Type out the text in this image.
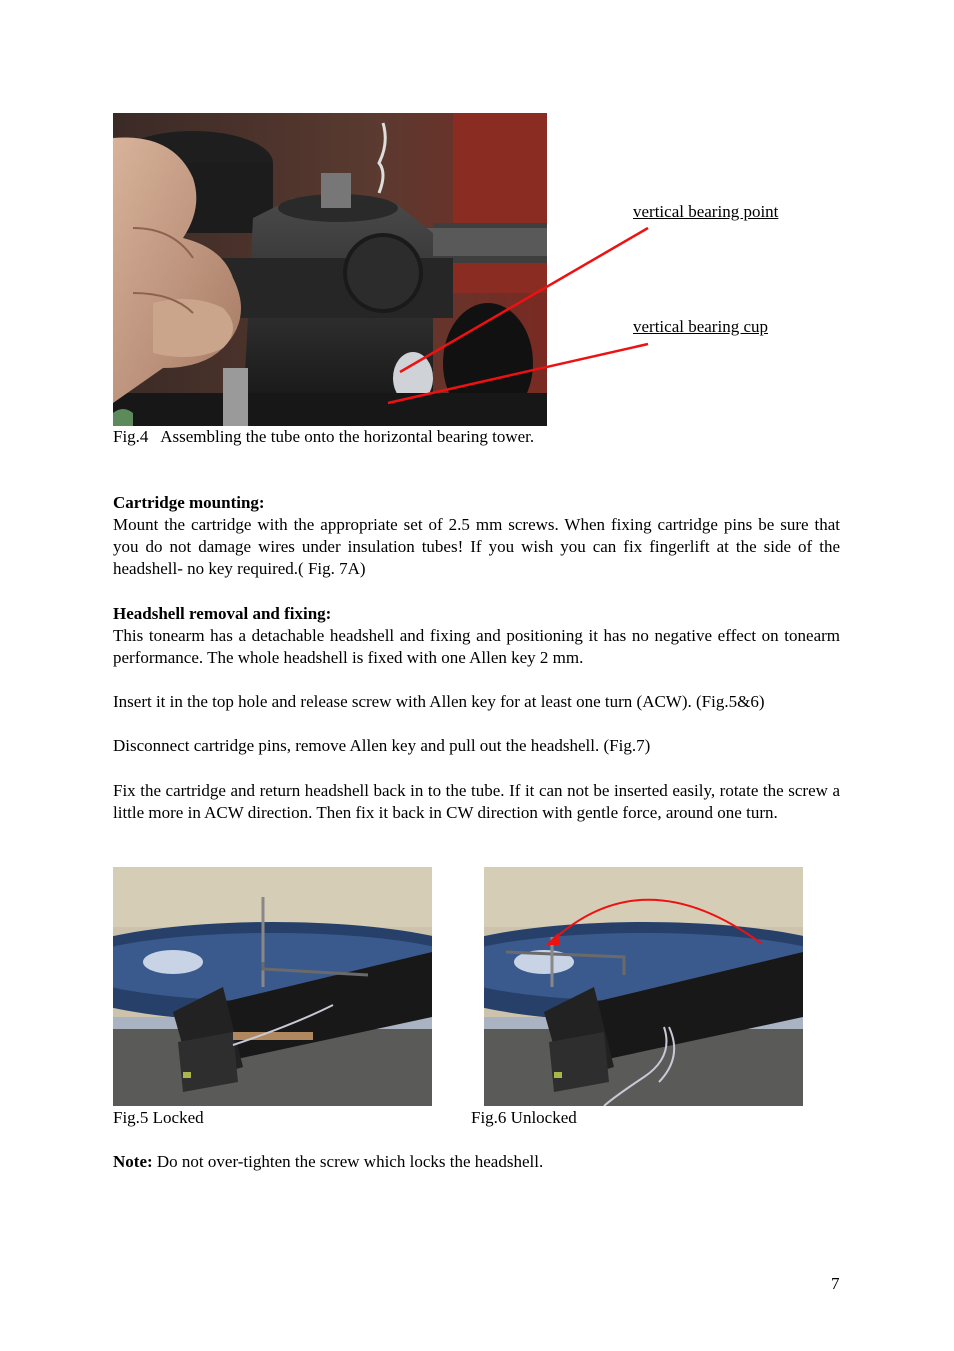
vertical bearing point
vertical bearing cup
Fig.4   Assembling the tube onto the horizontal bearing tower.
Cartridge mounting:
Mount the cartridge with the appropriate set of 2.5 mm screws. When fixing cartridge pins be sure that you do not damage wires under insulation tubes! If you wish you can fix fingerlift at the side of the headshell- no key required.( Fig. 7A)
Headshell removal and fixing:
This tonearm has a detachable headshell and fixing and positioning it has no negative effect on tonearm performance. The whole headshell is fixed with one Allen key 2 mm.
Insert it in the top hole and release screw with Allen key for at least one turn (ACW). (Fig.5&6)
Disconnect cartridge pins, remove Allen key and pull out the headshell. (Fig.7)
Fix the cartridge and return headshell back in to the tube. If it can not be inserted easily, rotate the screw a little more in ACW direction. Then fix it back in CW direction with gentle force, around one turn.
Fig.5 Locked	Fig.6 Unlocked
Note: Do not over-tighten the screw which locks the headshell.
7
